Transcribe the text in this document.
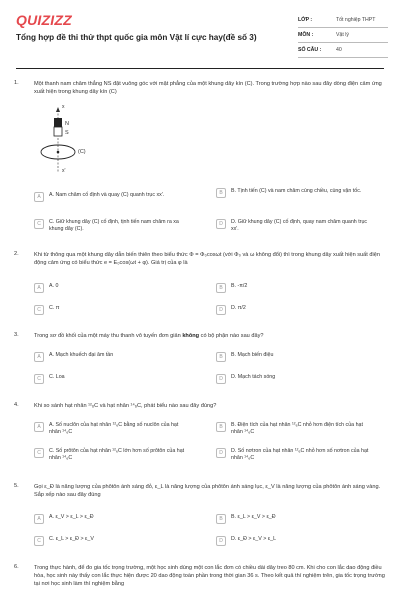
QUIZIZZ
Tổng hợp đề thi thử thpt quốc gia môn Vật lí cực hay(đề số 3)
LỚP :	Tốt nghiệp THPT
MÔN :	Vật lý
SỐ CÂU :	40
1.	Một thanh nam châm thẳng NS đặt vuông góc với mặt phẳng của một khung dây kín (C). Trong trường hợp nào sau đây dòng điện cảm ứng xuất hiện trong khung dây kín (C)
x
N
S
(C)
x'
A	A. Nam châm cố định và quay (C) quanh trục xx'.	B	B. Tịnh tiến (C) và nam châm cùng chiều, cùng vận tốc.
C	C. Giữ khung dây (C) cố định, tịnh tiến nam châm ra xa khung dây (C).
D	D. Giữ khung dây (C) cố định, quay nam châm quanh trục xx'.
2.	Khi từ thông qua một khung dây dẫn biến thiên theo biểu thức Φ = Φ₀cosωt (với Φ₀ và ω không đổi) thì trong khung dây xuất hiện suất điện động cảm ứng có biểu thức e = E₀cos(ωt + φ). Giá trị của φ là
A	A. 0	B	B. -π/2
C	C. π	D	D. π/2
3.	Trong sơ đồ khối của một máy thu thanh vô tuyến đơn giản không có bộ phận nào sau đây?
A	A. Mạch khuếch đại âm tần	B	B. Mạch biến điệu
C	C. Loa	D	D. Mạch tách sóng
4.	Khi so sánh hạt nhân ¹²₆C và hạt nhân ¹⁴₆C, phát biểu nào sau đây đúng?
A	A. Số nuclôn của hạt nhân ¹²₆C bằng số nuclôn của hạt nhân ¹⁴₆C
B	B. Điện tích của hạt nhân ¹²₆C nhỏ hơn điện tích của hạt nhân ¹⁴₆C
C	C. Số prôtôn của hạt nhân ¹²₆C lớn hơn số prôtôn của hạt nhân ¹⁴₆C
D	D. Số nơtron của hạt nhân ¹²₆C nhỏ hơn số nơtron của hạt nhân ¹⁴₆C
5.	Gọi ε_Đ là năng lượng của phôtôn ánh sáng đỏ, ε_L là năng lượng của phôtôn ánh sáng lục, ε_V là năng lượng của phôtôn ánh sáng vàng. Sắp xếp nào sau đây đúng
A	A. ε_V > ε_L > ε_Đ	B	B. ε_L > ε_V > ε_Đ
C	C. ε_L > ε_Đ > ε_V	D	D. ε_Đ > ε_V > ε_L
6.	Trong thực hành, để đo gia tốc trọng trường, một học sinh dùng một con lắc đơn có chiều dài dây treo 80 cm. Khi cho con lắc dao động điều hòa, học sinh này thấy con lắc thực hiện được 20 dao động toàn phần trong thời gian 36 s. Theo kết quả thí nghiệm trên, gia tốc trọng trường tại nơi học sinh làm thí nghiệm bằng
